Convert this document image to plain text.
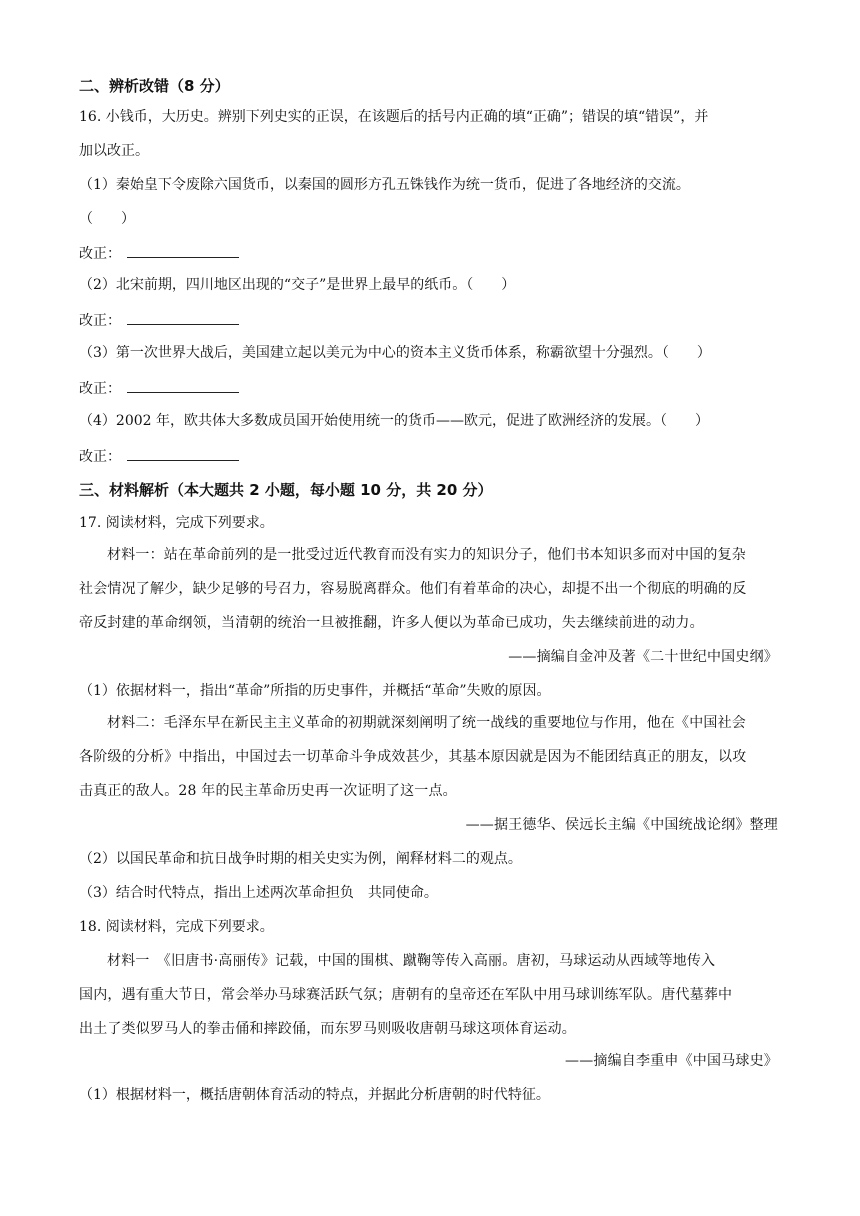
二、辨析改错（8 分）
16. 小钱币，大历史。辨别下列史实的正误，在该题后的括号内正确的填“正确”；错误的填“错误”，并
加以改正。
（1）秦始皇下令废除六国货币，以秦国的圆形方孔五铢钱作为统一货币，促进了各地经济的交流。
（　　）
改正：
（2）北宋前期，四川地区出现的“交子”是世界上最早的纸币。（　　）
改正：
（3）第一次世界大战后，美国建立起以美元为中心的资本主义货币体系，称霸欲望十分强烈。（　　）
改正：
（4）2002 年，欧共体大多数成员国开始使用统一的货币——欧元，促进了欧洲经济的发展。（　　）
改正：
三、材料解析（本大题共 2 小题，每小题 10 分，共 20 分）
17. 阅读材料，完成下列要求。
材料一：站在革命前列的是一批受过近代教育而没有实力的知识分子，他们书本知识多而对中国的复杂
社会情况了解少，缺少足够的号召力，容易脱离群众。他们有着革命的决心，却提不出一个彻底的明确的反
帝反封建的革命纲领，当清朝的统治一旦被推翻，许多人便以为革命已成功，失去继续前进的动力。
——摘编自金冲及著《二十世纪中国史纲》
（1）依据材料一，指出“革命”所指的历史事件，并概括“革命”失败的原因。
材料二：毛泽东早在新民主主义革命的初期就深刻阐明了统一战线的重要地位与作用，他在《中国社会
各阶级的分析》中指出，中国过去一切革命斗争成效甚少，其基本原因就是因为不能团结真正的朋友，以攻
击真正的敌人。28 年的民主革命历史再一次证明了这一点。
——据王德华、侯远长主编《中国统战论纲》整理
（2）以国民革命和抗日战争时期的相关史实为例，阐释材料二的观点。
（3）结合时代特点，指出上述两次革命担负　共同使命。
18. 阅读材料，完成下列要求。
材料一　《旧唐书·高丽传》记载，中国的围棋、蹴鞠等传入高丽。唐初，马球运动从西域等地传入
国内，遇有重大节日，常会举办马球赛活跃气氛；唐朝有的皇帝还在军队中用马球训练军队。唐代墓葬中
出土了类似罗马人的拳击俑和摔跤俑，而东罗马则吸收唐朝马球这项体育运动。
——摘编自李重申《中国马球史》
（1）根据材料一，概括唐朝体育活动的特点，并据此分析唐朝的时代特征。
